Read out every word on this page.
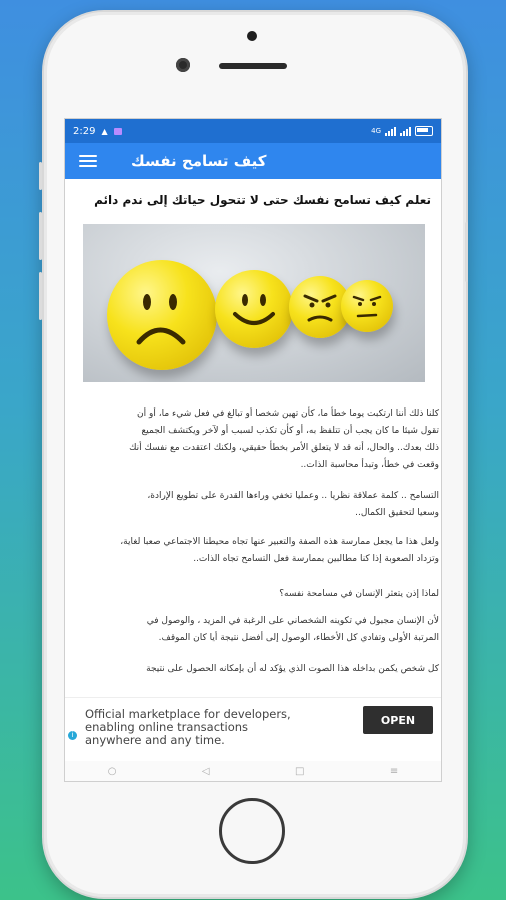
2:29 ▲	4G
كيف تسامح نفسك
تعلم كيف تسامح نفسك حتى لا تتحول حياتك إلى ندم دائم
كلنا ذلك أننا ارتكبت يوما خطأ ما، كأن تهين شخصا أو تبالغ في فعل شيء ما، أو أن
تقول شيئا ما كان يجب أن تتلفظ به، أو كأن تكذب لسبب أو لآخر ويكتشف الجميع
ذلك بعدك.. والحال، أنه قد لا يتعلق الأمر بخطأ حقيقي، ولكنك اعتقدت مع نفسك أنك
وقعت في خطأ، وتبدأ محاسبة الذات..
التسامح .. كلمة عملاقة نظريا .. وعمليا تخفي وراءها القدرة على تطويع الإرادة،
وسعيا لتحقيق الكمال..
ولعل هذا ما يجعل ممارسة هذه الصفة والتعبير عنها تجاه محيطنا الاجتماعي صعبا لغاية،
وتزداد الصعوبة إذا كنا مطالبين بممارسة فعل التسامح تجاه الذات..
لماذا إذن يتعثر الإنسان في مسامحة نفسه؟
لأن الإنسان مجبول في تكوينه الشخصاني على الرغبة في المزيد ، والوصول في
المرتبة الأولى وتفادي كل الأخطاء، الوصول إلى أفضل نتيجة أيا كان الموقف.
كل شخص يكمن بداخله هذا الصوت الذي يؤكد له أن بإمكانه الحصول على نتيجة
Official marketplace for developers,
enabling online transactions
anywhere and any time.
OPEN
i
○	◁	□	≡
